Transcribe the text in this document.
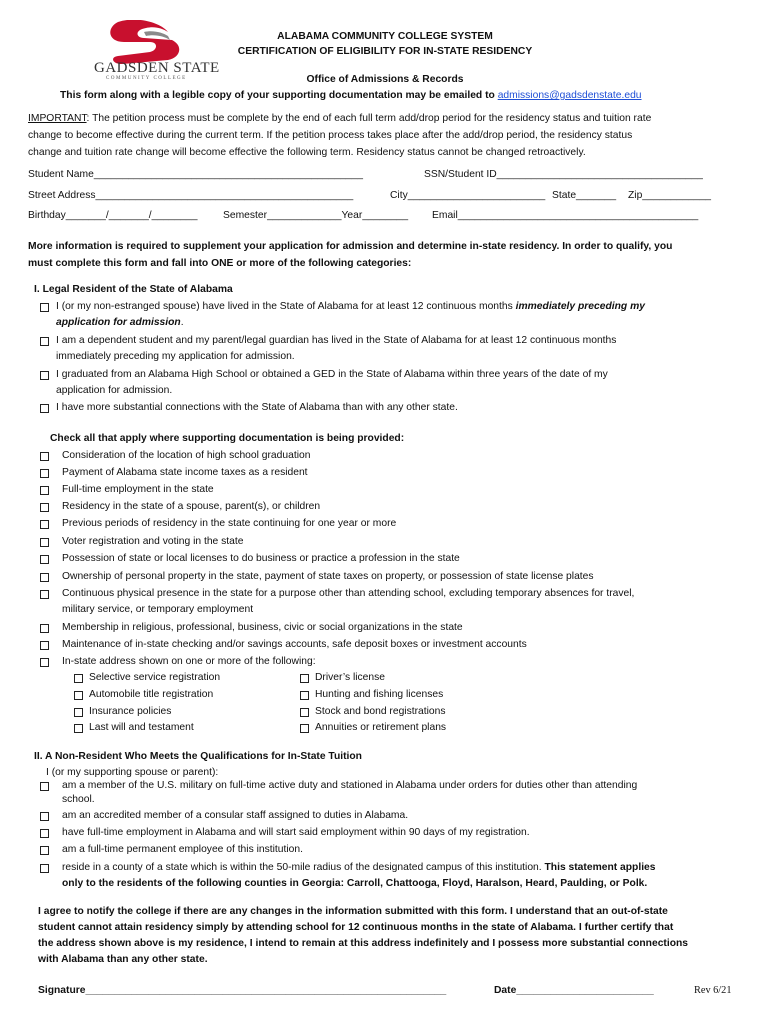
GADSDEN STATE
COMMUNITY COLLEGE
ALABAMA COMMUNITY COLLEGE SYSTEM
CERTIFICATION OF ELIGIBILITY FOR IN-STATE RESIDENCY
Office of Admissions & Records
This form along with a legible copy of your supporting documentation may be emailed to admissions@gadsdenstate.edu
IMPORTANT: The petition process must be complete by the end of each full term add/drop period for the residency status and tuition rate
change to become effective during the current term. If the petition process takes place after the add/drop period, the residency status
change and tuition rate change will become effective the following term. Residency status cannot be changed retroactively.
Student Name_______________________________________________	SSN/Student ID____________________________________
Street Address_____________________________________________	City________________________ State_______ Zip____________
Birthday_______/_______/________ Semester_____________Year________ Email__________________________________________
More information is required to supplement your application for admission and determine in-state residency. In order to qualify, you
must complete this form and fall into ONE or more of the following categories:
I. Legal Resident of the State of Alabama
I (or my non-estranged spouse) have lived in the State of Alabama for at least 12 continuous months immediately preceding my
application for admission.
I am a dependent student and my parent/legal guardian has lived in the State of Alabama for at least 12 continuous months
immediately preceding my application for admission.
I graduated from an Alabama High School or obtained a GED in the State of Alabama within three years of the date of my
application for admission.
I have more substantial connections with the State of Alabama than with any other state.
Check all that apply where supporting documentation is being provided:
Consideration of the location of high school graduation
Payment of Alabama state income taxes as a resident
Full-time employment in the state
Residency in the state of a spouse, parent(s), or children
Previous periods of residency in the state continuing for one year or more
Voter registration and voting in the state
Possession of state or local licenses to do business or practice a profession in the state
Ownership of personal property in the state, payment of state taxes on property, or possession of state license plates
Continuous physical presence in the state for a purpose other than attending school, excluding temporary absences for travel,
military service, or temporary employment
Membership in religious, professional, business, civic or social organizations in the state
Maintenance of in-state checking and/or savings accounts, safe deposit boxes or investment accounts
In-state address shown on one or more of the following:
Selective service registration
Automobile title registration
Insurance policies
Last will and testament
Driver’s license
Hunting and fishing licenses
Stock and bond registrations
Annuities or retirement plans
II. A Non-Resident Who Meets the Qualifications for In-State Tuition
I (or my supporting spouse or parent):
am a member of the U.S. military on full-time active duty and stationed in Alabama under orders for duties other than attending
school.
am an accredited member of a consular staff assigned to duties in Alabama.
have full-time employment in Alabama and will start said employment within 90 days of my registration.
am a full-time permanent employee of this institution.
reside in a county of a state which is within the 50-mile radius of the designated campus of this institution. This statement applies
only to the residents of the following counties in Georgia: Carroll, Chattooga, Floyd, Haralson, Heard, Paulding, or Polk.
I agree to notify the college if there are any changes in the information submitted with this form. I understand that an out-of-state
student cannot attain residency simply by attending school for 12 continuous months in the state of Alabama. I further certify that
the address shown above is my residence, I intend to remain at this address indefinitely and I possess more substantial connections
with Alabama than any other state.
Signature_______________________________________________________________	Date________________________	Rev 6/21
